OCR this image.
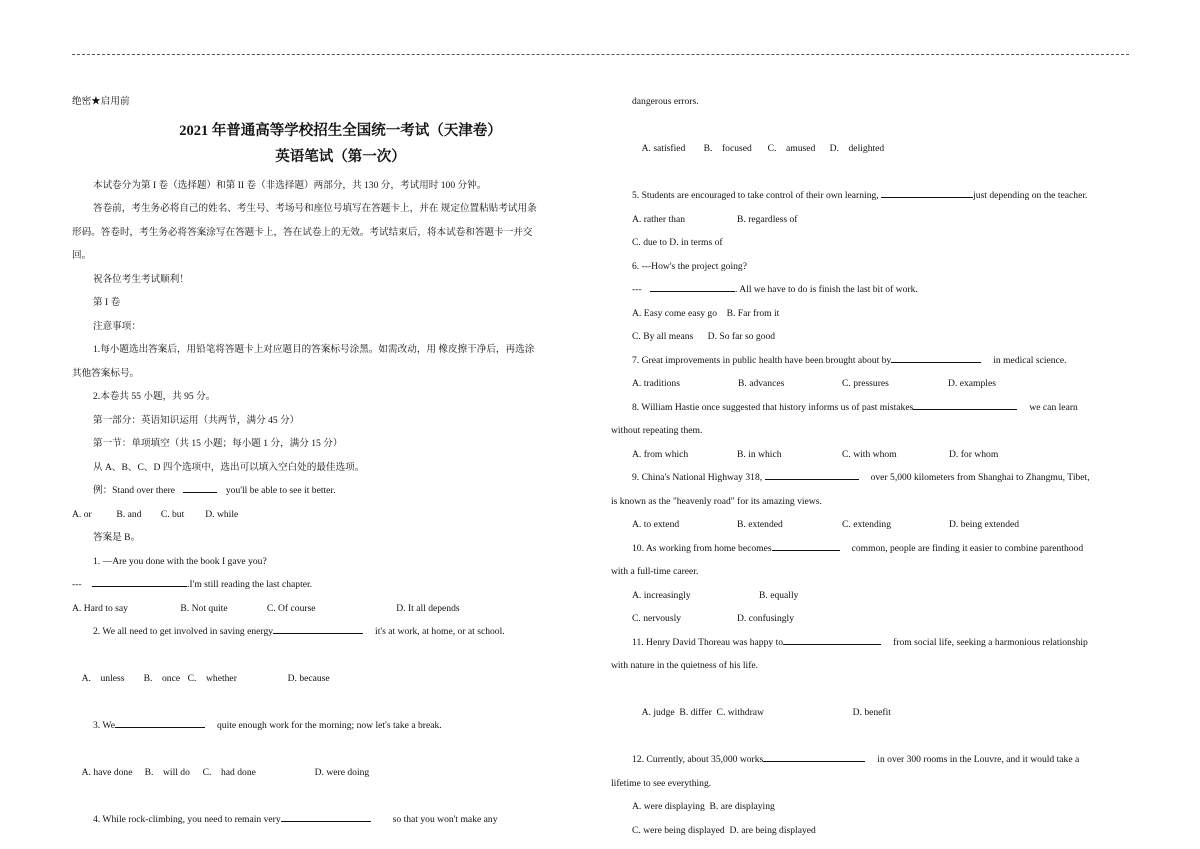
绝密★启用前
2021 年普通高等学校招生全国统一考试（天津卷）
英语笔试（第一次）
本试卷分为第 I 卷（选择题）和第 II 卷（非选择题）两部分，共 130 分，考试用时 100 分钟。
答卷前，考生务必将自己的姓名、考生号、考场号和座位号填写在答题卡上，并在 规定位置粘贴考试用条
形码。答卷时，考生务必将答案涂写在答题卡上，答在试卷上的无效。考试结束后，将本试卷和答题卡一并交
回。
祝各位考生考试顺利！
第 I 卷
注意事项：
1.每小题选出答案后，用铅笔将答题卡上对应题目的答案标号涂黑。如需改动，用 橡皮擦干净后，再选涂
其他答案标号。
2.本卷共 55 小题，共 95 分。
第一部分：英语知识运用（共两节，满分 45 分）
第一节：单项填空（共 15 小题；每小题 1 分，满分 15 分）
从 A、B、C、D 四个选项中，选出可以填入空白处的最佳选项。
例：Stand over there	you'll be able to see it better.
A. or	B. and C. but D. while
答案是 B。
1. —Are you done with the book I gave you?
---	.I'm still reading the last chapter.
A. Hard to say	B. Not quite	C. Of course	D. It all depends
2. We all need to get involved in saving energy	it's at work, at home, or at school.

A.    unless B.    once C.    whether	D. because

3. We	quite enough work for the morning; now let's take a break.

A. have done B.    will do C.    had done	D. were doing

4. While rock-climbing, you need to remain very	so that you won't make any
dangerous errors.

A. satisfied B.    focused C.    amused D.    delighted

5. Students are encouraged to take control of their own learning,	just depending on the teacher.
A. rather than	B. regardless of
C. due to D. in terms of
6. ---How's the project going?
---	. All we have to do is finish the last bit of work.
A. Easy come easy go    B. Far from it
C. By all means      D. So far so good
7. Great improvements in public health have been brought about by	in medical science.
A. traditions	B. advances	C. pressures	D. examples
8. William Hastie once suggested that history informs us of past mistakes	we can learn
without repeating them.
A. from which	B. in which	C. with whom	D. for whom
9. China's National Highway 318,	over 5,000 kilometers from Shanghai to Zhangmu, Tibet,
is known as the "heavenly road" for its amazing views.
A. to extend	B. extended	C. extending	D. being extended
10. As working from home becomes	common, people are finding it easier to combine parenthood
with a full-time career.
A. increasingly	B. equally
C. nervously	D. confusingly
11. Henry David Thoreau was happy to	from social life, seeking a harmonious relationship
with nature in the quietness of his life.

A. judge  B. differ  C. withdraw	D. benefit

12. Currently, about 35,000 works	in over 300 rooms in the Louvre, and it would take a
lifetime to see everything.
A. were displaying  B. are displaying
C. were being displayed  D. are being displayed
